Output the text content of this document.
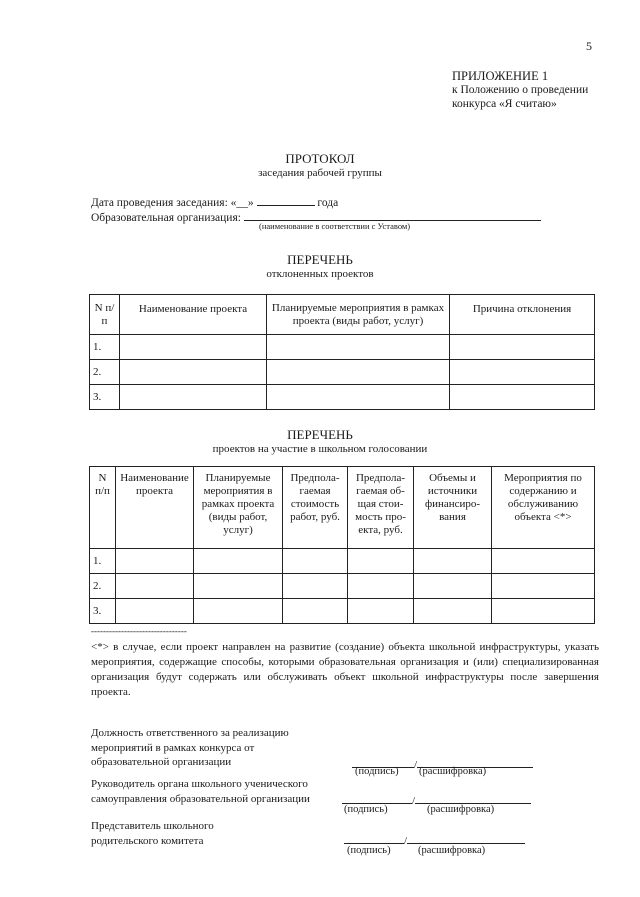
5
ПРИЛОЖЕНИЕ 1
к Положению о проведении
конкурса «Я считаю»
ПРОТОКОЛ
заседания рабочей группы
Дата проведения заседания: «__»	года
Образовательная организация:
(наименование в соответствии с Уставом)
ПЕРЕЧЕНЬ
отклоненных проектов
N п/п	Наименование проекта	Планируемые мероприятия в рамках проекта (виды работ, услуг)	Причина отклонения
1.			
2.			
3.			
ПЕРЕЧЕНЬ
проектов на участие в школьном голосовании
N п/п	Наименование проекта	Планируемые мероприятия в рамках проекта (виды работ, услуг)	Предпола-гаемая стоимость работ, руб.	Предпола-гаемая об-щая стои-мость про-екта, руб.	Объемы и источники финансиро-вания	Мероприятия по содержанию и обслуживанию объекта <*>
1.						
2.						
3.						
--------------------------------
<*> в случае, если проект направлен на развитие (создание) объекта школьной инфраструктуры, указать мероприятия, содержащие способы, которыми образовательная организация и (или) специализированная организация будут содержать или обслуживать объект школьной инфраструктуры после завершения проекта.
Должность ответственного за реализацию мероприятий в рамках конкурса от образовательной организации	/
(подпись) (расшифровка)
Руководитель органа школьного ученического самоуправления образовательной организации	/
(подпись)	(расшифровка)
Представитель школьного родительского комитета	/
(подпись)	(расшифровка)
